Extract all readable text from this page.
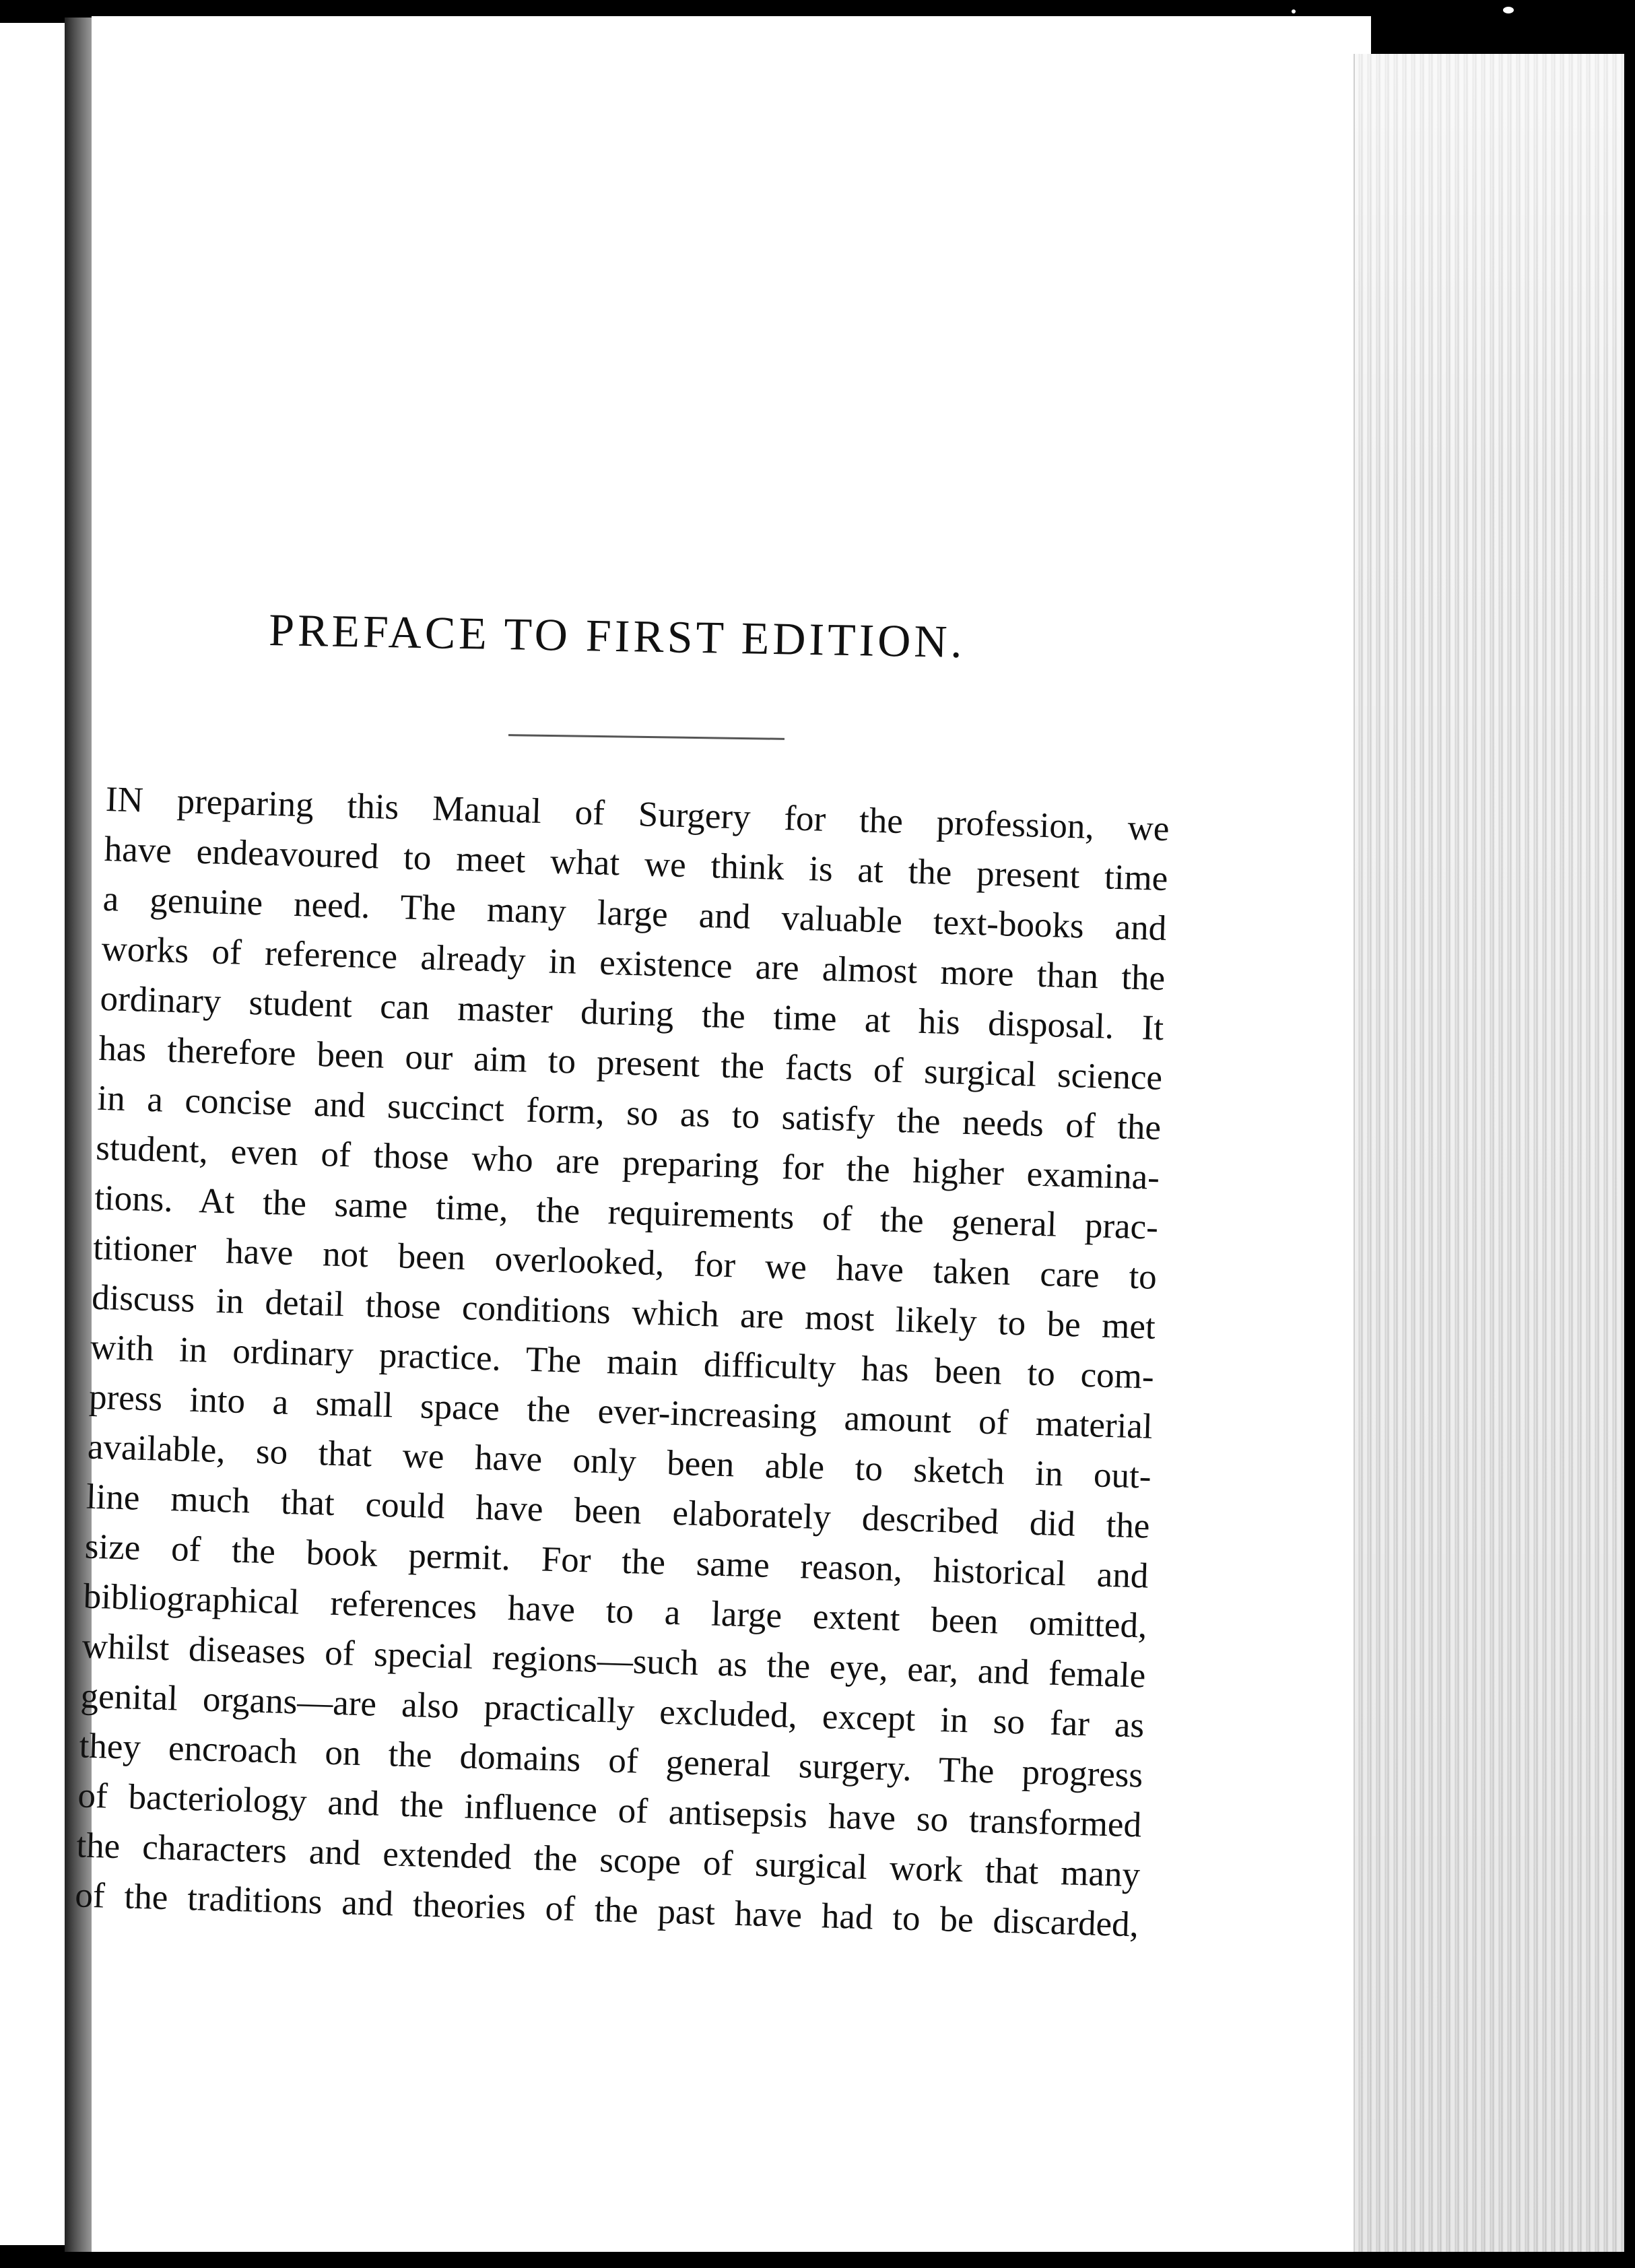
PREFACE TO FIRST EDITION.
IN preparing this Manual of Surgery for the profession, we
have endeavoured to meet what we think is at the present time
a genuine need. The many large and valuable text-books and
works of reference already in existence are almost more than the
ordinary student can master during the time at his disposal. It
has therefore been our aim to present the facts of surgical science
in a concise and succinct form, so as to satisfy the needs of the
student, even of those who are preparing for the higher examina-
tions. At the same time, the requirements of the general prac-
titioner have not been overlooked, for we have taken care to
discuss in detail those conditions which are most likely to be met
with in ordinary practice. The main difficulty has been to com-
press into a small space the ever-increasing amount of material
available, so that we have only been able to sketch in out-
line much that could have been elaborately described did the
size of the book permit. For the same reason, historical and
bibliographical references have to a large extent been omitted,
whilst diseases of special regions—such as the eye, ear, and female
genital organs—are also practically excluded, except in so far as
they encroach on the domains of general surgery. The progress
of bacteriology and the influence of antisepsis have so transformed
the characters and extended the scope of surgical work that many
of the traditions and theories of the past have had to be discarded,
